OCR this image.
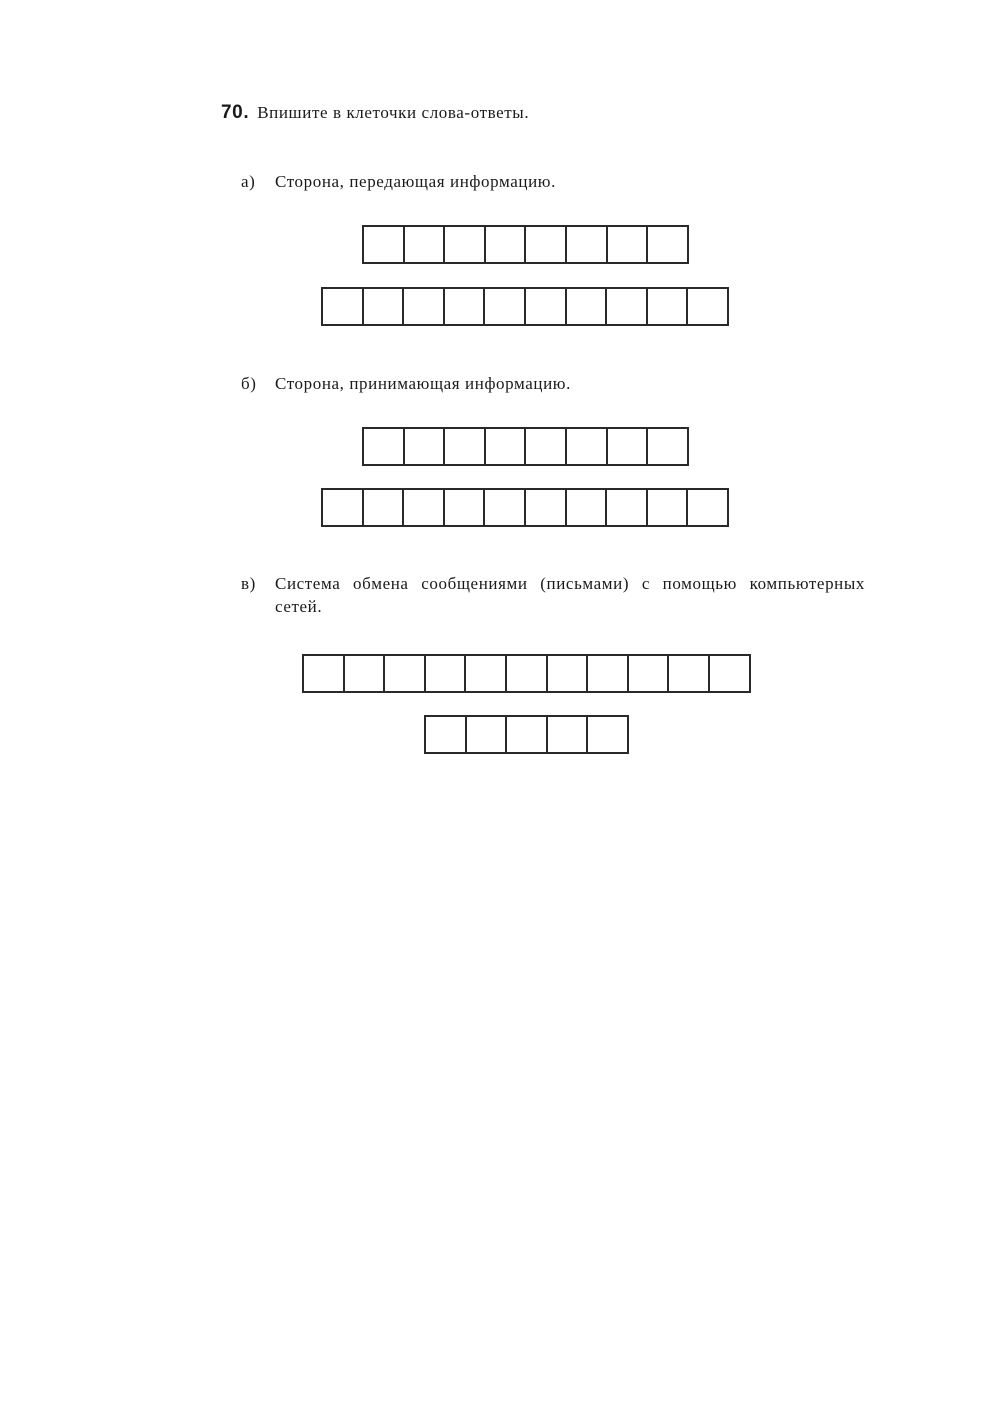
70. Впишите в клеточки слова-ответы.
а) Сторона, передающая информацию.
б) Сторона, принимающая информацию.
в) Система обмена сообщениями (письмами) с помощью компьютерных сетей.
